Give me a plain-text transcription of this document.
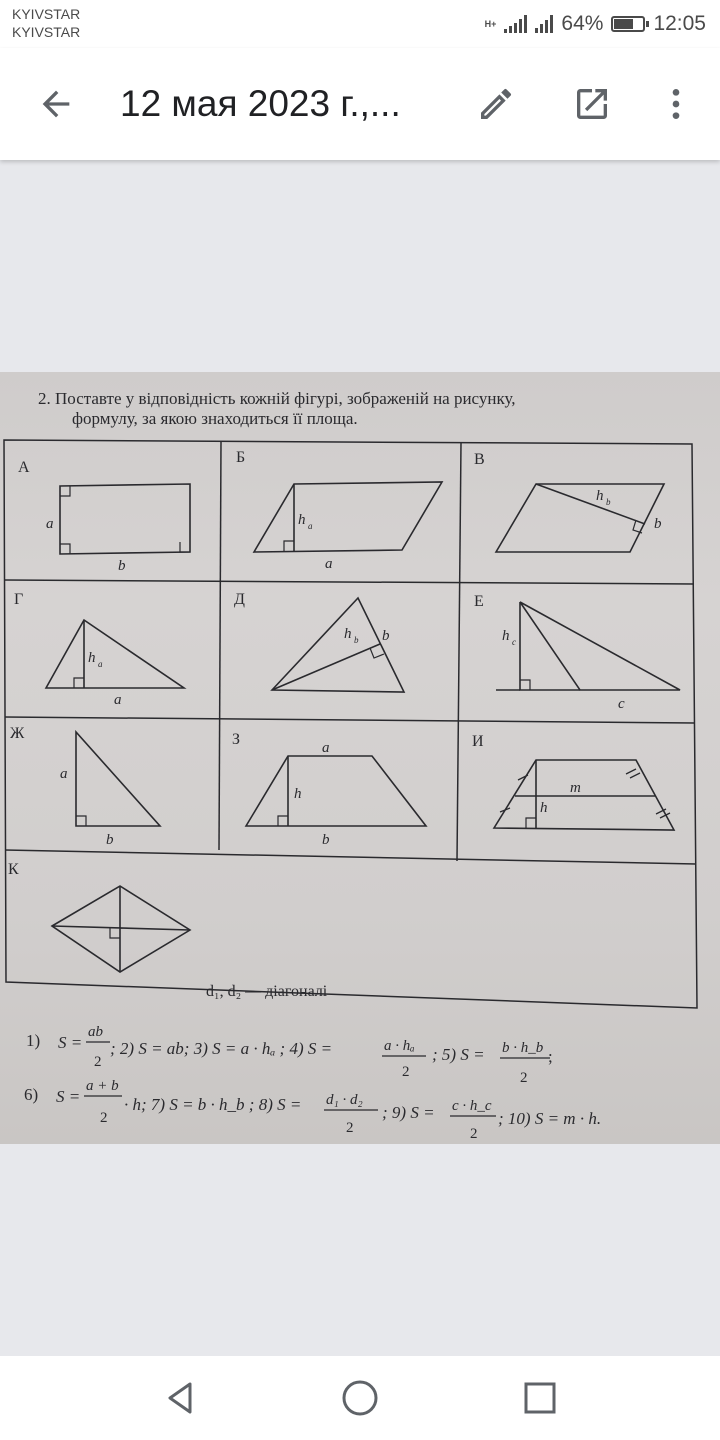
KYIVSTAR
KYIVSTAR	H+	64% 12:05
12 мая 2023 г.,...
2. Поставте у відповідність кожній фігурі, зображеній на рисунку,
формулу, за якою знаходиться її площа.
А
Б	В
Г	Д	Е
Ж	З	И
К
a
b
h a
a
h b
b
h a
a
h b b	h c
c
a
b
a
h
b
m
h
d₁, d₂ — діагоналі
1) S =
ab
2
; 2) S = ab; 3) S = a · hₐ ; 4) S =	a · hₐ
2
; 5) S = b · h_b
2
;
6) S =
a + b
2
· h; 7) S = b · h_b ; 8) S = d₁ · d₂
2
; 9) S = c · h_c
2
; 10) S = m · h.
